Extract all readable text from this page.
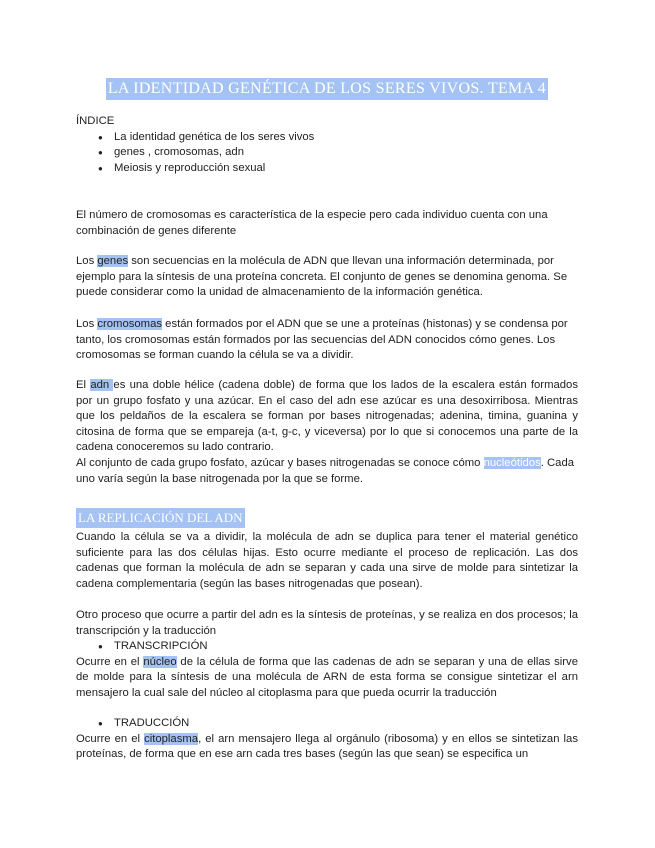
LA IDENTIDAD GENÉTICA DE LOS SERES VIVOS. TEMA 4
ÍNDICE
● La identidad genética de los seres vivos
● genes , cromosomas, adn
● Meiosis y reproducción sexual

El número de cromosomas es característica de la especie pero cada individuo cuenta con una combinación de genes diferente

Los genes son secuencias en la molécula de ADN que llevan una información determinada, por ejemplo para la síntesis de una proteína concreta. El conjunto de genes se denomina genoma. Se puede considerar como la unidad de almacenamiento de la información genética.

Los cromosomas están formados por el ADN que se une a proteínas (histonas) y se condensa por tanto, los cromosomas están formados por las secuencias del ADN conocidos cómo genes. Los cromosomas se forman cuando la célula se va a dividir.

El adn es una doble hélice (cadena doble) de forma que los lados de la escalera están formados por un grupo fosfato y una azúcar. En el caso del adn ese azúcar es una desoxirribosa. Mientras que los peldaños de la escalera se forman por bases nitrogenadas; adenina, timina, guanina y citosina de forma que se empareja (a-t, g-c, y viceversa) por lo que si conocemos una parte de la cadena conoceremos su lado contrario.

Al conjunto de cada grupo fosfato, azúcar y bases nitrogenadas se conoce cómo nucleótidos. Cada uno varía según la base nitrogenada por la que se forme.

LA REPLICACIÓN DEL ADN

Cuando la célula se va a dividir, la molécula de adn se duplica para tener el material genético suficiente para las dos células hijas. Esto ocurre mediante el proceso de replicación. Las dos cadenas que forman la molécula de adn se separan y cada una sirve de molde para sintetizar la cadena complementaria (según las bases nitrogenadas que posean).

Otro proceso que ocurre a partir del adn es la síntesis de proteínas, y se realiza en dos procesos; la transcripción y la traducción

● TRANSCRIPCIÓN
Ocurre en el núcleo de la célula de forma que las cadenas de adn se separan y una de ellas sirve de molde para la síntesis de una molécula de ARN de esta forma se consigue sintetizar el arn mensajero la cual sale del núcleo al citoplasma para que pueda ocurrir la traducción
● TRADUCCIÓN
Ocurre en el citoplasma, el arn mensajero llega al orgánulo (ribosoma) y en ellos se sintetizan las proteínas, de forma que en ese arn cada tres bases (según las que sean) se especifica un
